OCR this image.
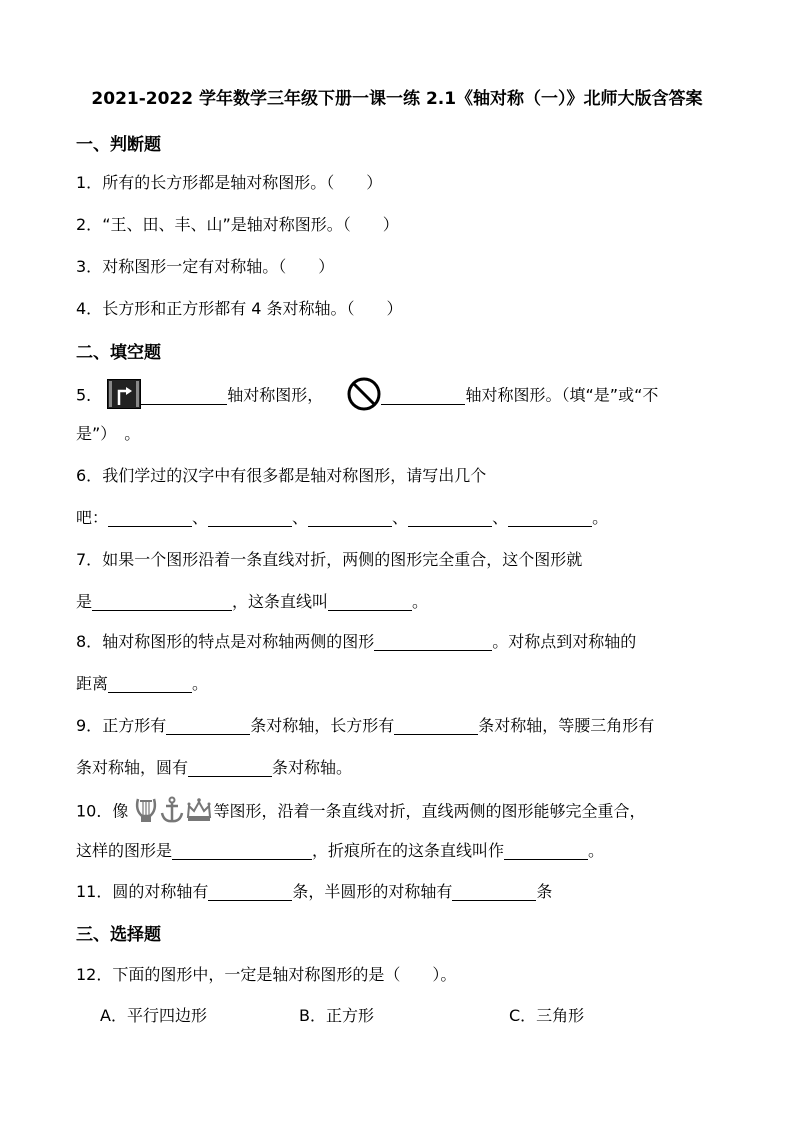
2021-2022 学年数学三年级下册一课一练 2.1《轴对称（一）》北师大版含答案
一、判断题
1．所有的长方形都是轴对称图形。（　　）
2．“王、田、丰、山”是轴对称图形。（　　）
3．对称图形一定有对称轴。（　　）
4．长方形和正方形都有 4 条对称轴。（　　）
二、填空题
5．	轴对称图形，	轴对称图形。（填“是”或“不
是”）　。
6．我们学过的汉字中有很多都是轴对称图形，请写出几个
吧：	、	、	、	、	。
7．如果一个图形沿着一条直线对折，两侧的图形完全重合，这个图形就
是	，这条直线叫	。
8．轴对称图形的特点是对称轴两侧的图形	。对称点到对称轴的
距离	。
9．正方形有	条对称轴，长方形有	条对称轴，等腰三角形有
条对称轴，圆有	条对称轴。
10．像	等图形，沿着一条直线对折，直线两侧的图形能够完全重合，
这样的图形是	，折痕所在的这条直线叫作	。
11．圆的对称轴有	条，半圆形的对称轴有	条
三、选择题
12．下面的图形中，一定是轴对称图形的是（　　）。
A．平行四边形	B．正方形	C．三角形
